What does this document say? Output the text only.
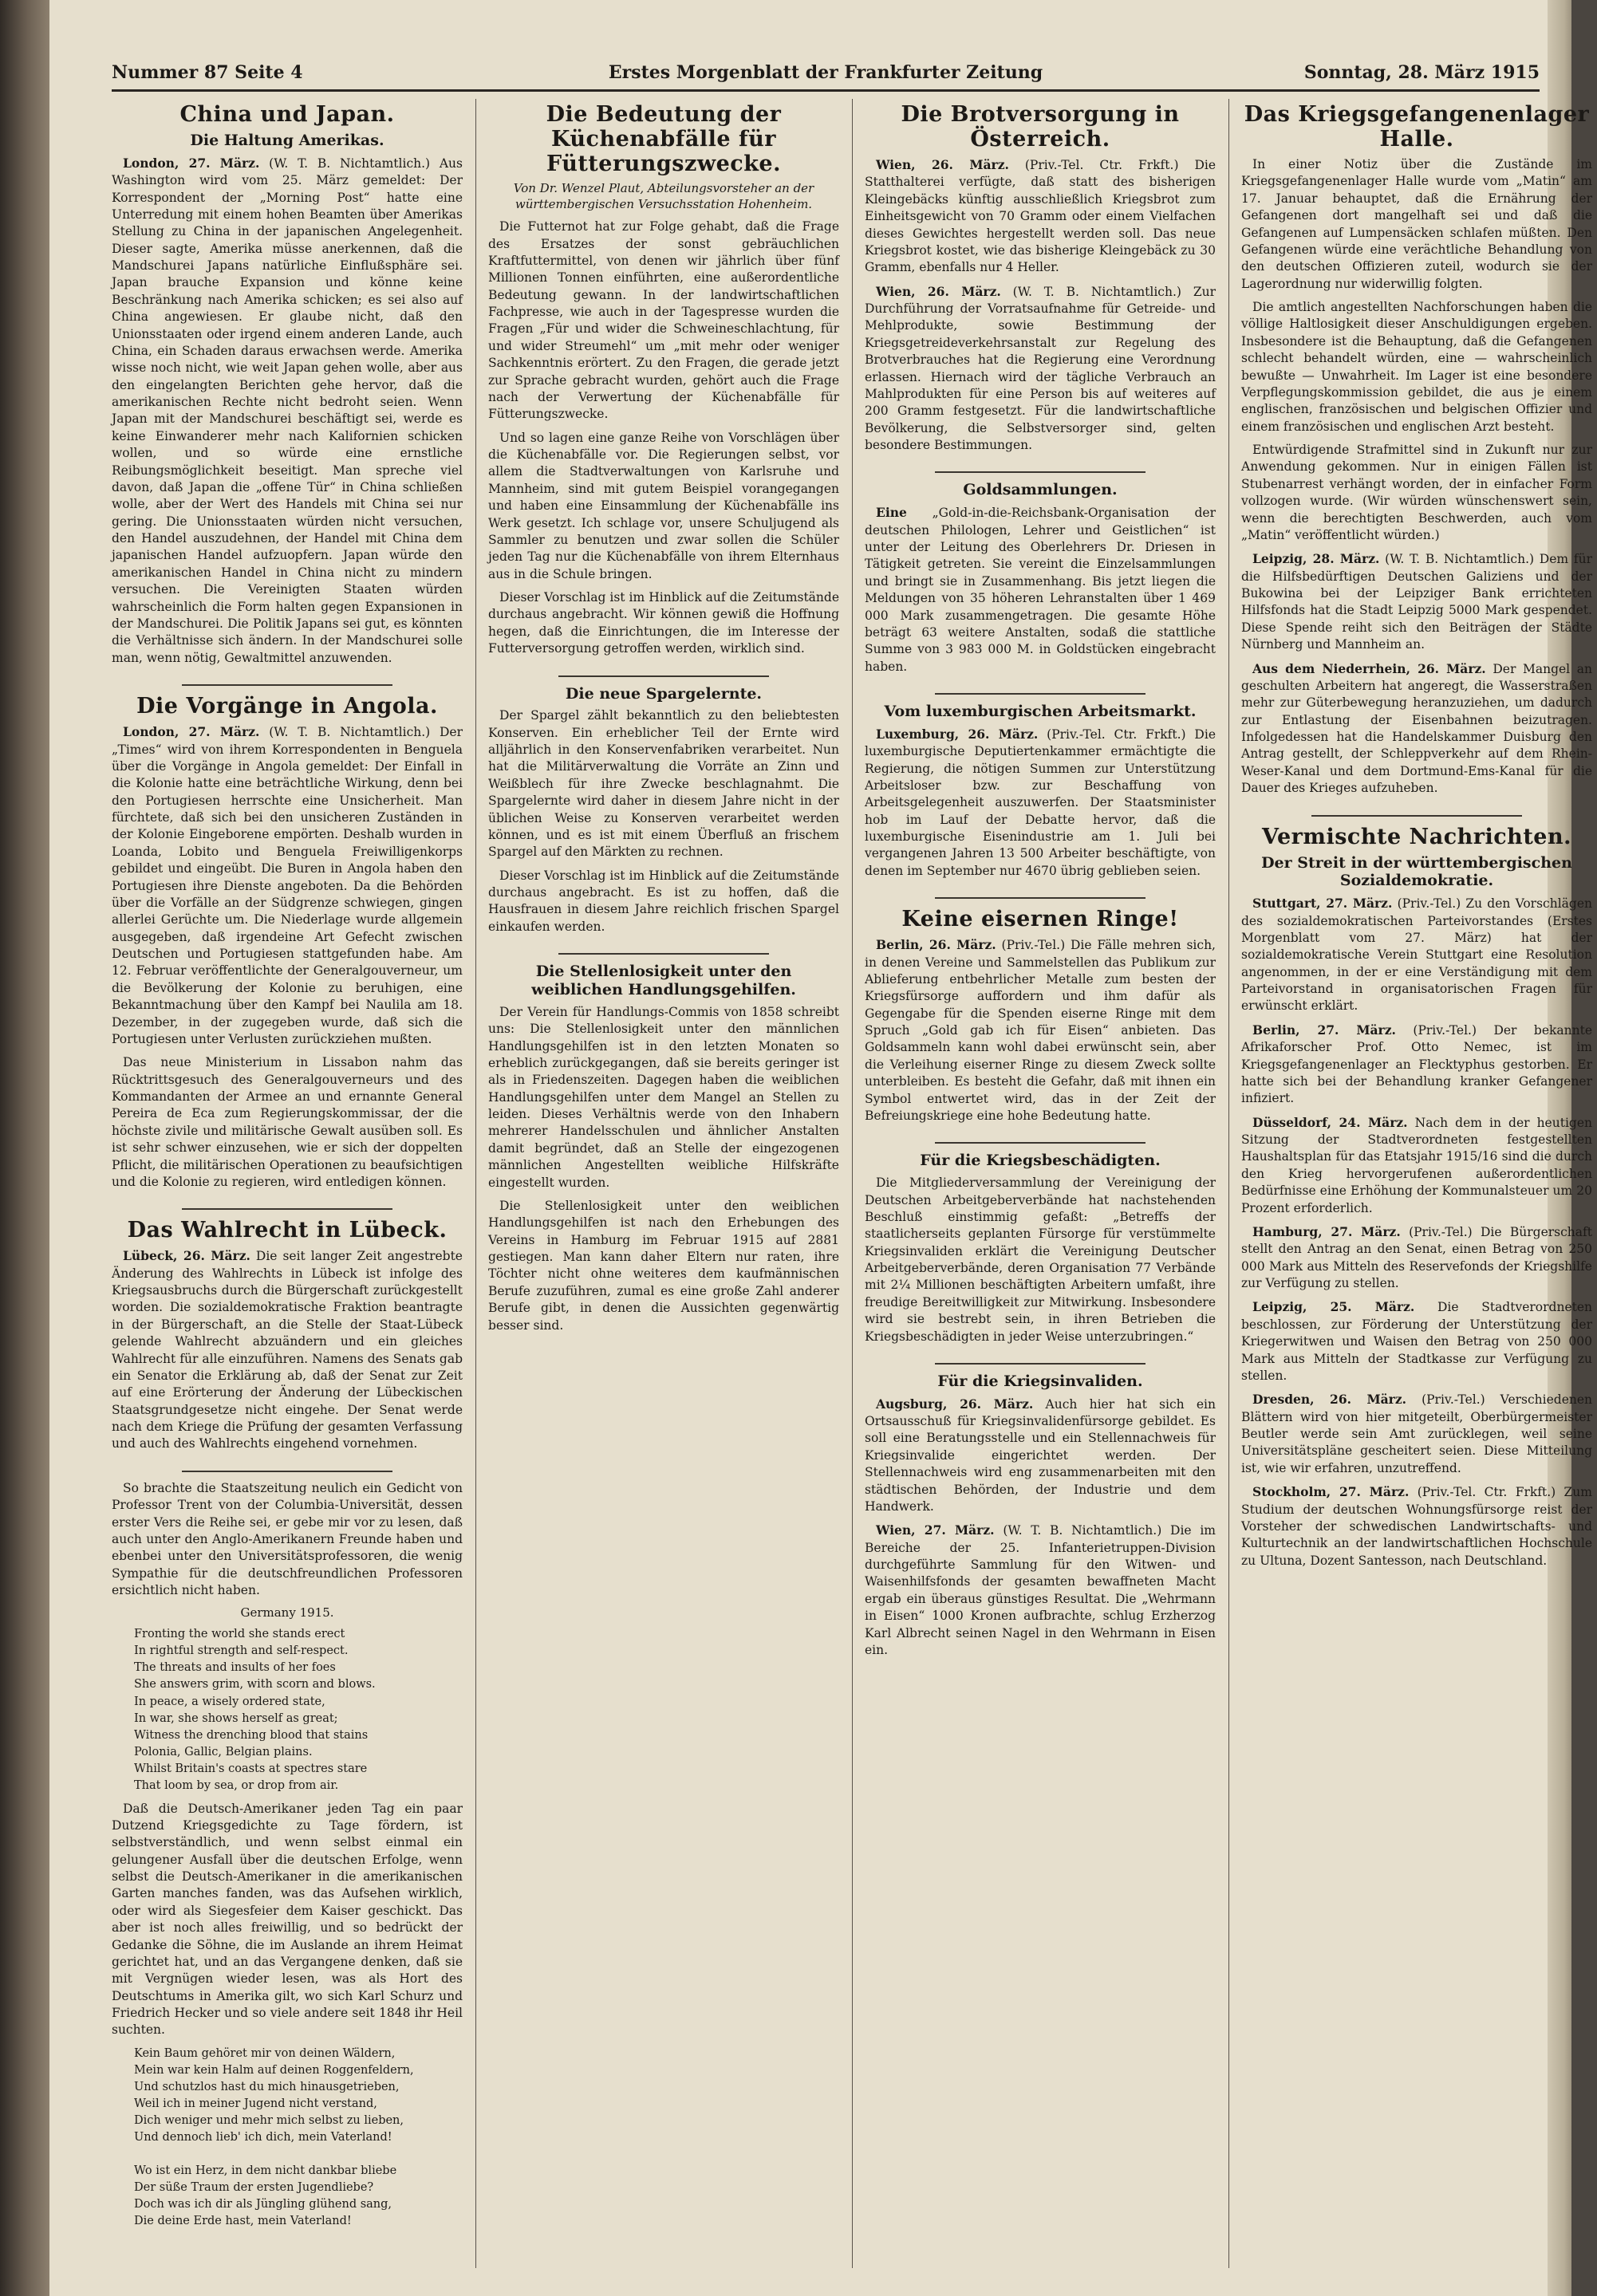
Nummer 87 Seite 4	Erstes Morgenblatt der Frankfurter Zeitung	Sonntag, 28. März 1915
China und Japan.
Die Haltung Amerikas.

London, 27. März. (W. T. B. Nichtamtlich.) Aus Washington wird vom 25. März gemeldet: Der Korrespondent der „Morning Post“ hatte eine Unterredung mit einem hohen Beamten über Amerikas Stellung zu China in der japanischen Angelegenheit. Dieser sagte, Amerika müsse anerkennen, daß die Mandschurei Japans natürliche Einflußsphäre sei. Japan brauche Expansion und könne keine Beschränkung nach Amerika schicken; es sei also auf China angewiesen. Er glaube nicht, daß den Unionsstaaten oder irgend einem anderen Lande, auch China, ein Schaden daraus erwachsen werde. Amerika wisse noch nicht, wie weit Japan gehen wolle, aber aus den eingelangten Berichten gehe hervor, daß die amerikanischen Rechte nicht bedroht seien. Wenn Japan mit der Mandschurei beschäftigt sei, werde es keine Einwanderer mehr nach Kalifornien schicken wollen, und so würde eine ernstliche Reibungsmöglichkeit beseitigt. Man spreche viel davon, daß Japan die „offene Tür“ in China schließen wolle, aber der Wert des Handels mit China sei nur gering. Die Unionsstaaten würden nicht versuchen, den Handel auszudehnen, der Handel mit China dem japanischen Handel aufzuopfern. Japan würde den amerikanischen Handel in China nicht zu mindern versuchen. Die Vereinigten Staaten würden wahrscheinlich die Form halten gegen Expansionen in der Mandschurei. Die Politik Japans sei gut, es könnten die Verhältnisse sich ändern. In der Mandschurei solle man, wenn nötig, Gewaltmittel anzuwenden.

Die Vorgänge in Angola.

London, 27. März. (W. T. B. Nichtamtlich.) Der „Times“ wird von ihrem Korrespondenten in Benguela über die Vorgänge in Angola gemeldet: Der Einfall in die Kolonie hatte eine beträchtliche Wirkung, denn bei den Portugiesen herrschte eine Unsicherheit. Man fürchtete, daß sich bei den unsicheren Zuständen in der Kolonie Eingeborene empörten. Deshalb wurden in Loanda, Lobito und Benguela Freiwilligenkorps gebildet und eingeübt. Die Buren in Angola haben den Portugiesen ihre Dienste angeboten. Da die Behörden über die Vorfälle an der Südgrenze schwiegen, gingen allerlei Gerüchte um. Die Niederlage wurde allgemein ausgegeben, daß irgendeine Art Gefecht zwischen Deutschen und Portugiesen stattgefunden habe. Am 12. Februar veröffentlichte der Generalgouverneur, um die Bevölkerung der Kolonie zu beruhigen, eine Bekanntmachung über den Kampf bei Naulila am 18. Dezember, in der zugegeben wurde, daß sich die Portugiesen unter Verlusten zurückziehen mußten.

Das neue Ministerium in Lissabon nahm das Rücktrittsgesuch des Generalgouverneurs und des Kommandanten der Armee an und ernannte General Pereira de Eca zum Regierungskommissar, der die höchste zivile und militärische Gewalt ausüben soll. Es ist sehr schwer einzusehen, wie er sich der doppelten Pflicht, die militärischen Operationen zu beaufsichtigen und die Kolonie zu regieren, wird entledigen können.

Das Wahlrecht in Lübeck.

Lübeck, 26. März. Die seit langer Zeit angestrebte Änderung des Wahlrechts in Lübeck ist infolge des Kriegsausbruchs durch die Bürgerschaft zurückgestellt worden. Die sozialdemokratische Fraktion beantragte in der Bürgerschaft, an die Stelle der Staat-Lübeck gelende Wahlrecht abzuändern und ein gleiches Wahlrecht für alle einzuführen. Namens des Senats gab ein Senator die Erklärung ab, daß der Senat zur Zeit auf eine Erörterung der Änderung der Lübeckischen Staatsgrundgesetze nicht eingehe. Der Senat werde nach dem Kriege die Prüfung der gesamten Verfassung und auch des Wahlrechts eingehend vornehmen.

So brachte die Staatszeitung neulich ein Gedicht von Professor Trent von der Columbia-Universität, dessen erster Vers die Reihe sei, er gebe mir vor zu lesen, daß auch unter den Anglo-Amerikanern Freunde haben und ebenbei unter den Universitätsprofessoren, die wenig Sympathie für die deutschfreundlichen Professoren ersichtlich nicht haben.

Germany 1915.
Fronting the world she stands erect
In rightful strength and self-respect.
The threats and insults of her foes
She answers grim, with scorn and blows.
In peace, a wisely ordered state,
In war, she shows herself as great;
Witness the drenching blood that stains
Polonia, Gallic, Belgian plains.
Whilst Britain's coasts at spectres stare
That loom by sea, or drop from air.

Daß die Deutsch-Amerikaner jeden Tag ein paar Dutzend Kriegsgedichte zu Tage fördern, ist selbstverständlich, und wenn selbst einmal ein gelungener Ausfall über die deutschen Erfolge, wenn selbst die Deutsch-Amerikaner in die amerikanischen Garten manches fanden, was das Aufsehen wirklich, oder wird als Siegesfeier dem Kaiser geschickt. Das aber ist noch alles freiwillig, und so bedrückt der Gedanke die Söhne, die im Auslande an ihrem Heimat gerichtet hat, und an das Vergangene denken, daß sie mit Vergnügen wieder lesen, was als Hort des Deutschtums in Amerika gilt, wo sich Karl Schurz und Friedrich Hecker und so viele andere seit 1848 ihr Heil suchten.

Kein Baum gehöret mir von deinen Wäldern,
Mein war kein Halm auf deinen Roggenfeldern,
Und schutzlos hast du mich hinausgetrieben,
Weil ich in meiner Jugend nicht verstand,
Dich weniger und mehr mich selbst zu lieben,
Und dennoch lieb' ich dich, mein Vaterland!

Wo ist ein Herz, in dem nicht dankbar bliebe
Der süße Traum der ersten Jugendliebe?
Doch was ich dir als Jüngling glühend sang,
Die deine Erde hast, mein Vaterland!
Die Bedeutung der Küchenabfälle für Fütterungszwecke.
Von Dr. Wenzel Plaut, Abteilungsvorsteher an der württembergischen Versuchsstation Hohenheim.

Die Futternot hat zur Folge gehabt, daß die Frage des Ersatzes der sonst gebräuchlichen Kraftfuttermittel, von denen wir jährlich über fünf Millionen Tonnen einführten, eine außerordentliche Bedeutung gewann. In der landwirtschaftlichen Fachpresse, wie auch in der Tagespresse wurden die Fragen „Für und wider die Schweineschlachtung, für und wider Streumehl“ um „mit mehr oder weniger Sachkenntnis erörtert. Zu den Fragen, die gerade jetzt zur Sprache gebracht wurden, gehört auch die Frage nach der Verwertung der Küchenabfälle für Fütterungszwecke.

Und so lagen eine ganze Reihe von Vorschlägen über die Küchenabfälle vor. Die Regierungen selbst, vor allem die Stadtverwaltungen von Karlsruhe und Mannheim, sind mit gutem Beispiel vorangegangen und haben eine Einsammlung der Küchenabfälle ins Werk gesetzt. Ich schlage vor, unsere Schuljugend als Sammler zu benutzen und zwar sollen die Schüler jeden Tag nur die Küchenabfälle von ihrem Elternhaus aus in die Schule bringen.

Dieser Vorschlag ist im Hinblick auf die Zeitumstände durchaus angebracht. Wir können gewiß die Hoffnung hegen, daß die Einrichtungen, die im Interesse der Futterversorgung getroffen werden, wirklich sind.

Die neue Spargelernte.

Der Spargel zählt bekanntlich zu den beliebtesten Konserven. Ein erheblicher Teil der Ernte wird alljährlich in den Konservenfabriken verarbeitet. Nun hat die Militärverwaltung die Vorräte an Zinn und Weißblech für ihre Zwecke beschlagnahmt. Die Spargelernte wird daher in diesem Jahre nicht in der üblichen Weise zu Konserven verarbeitet werden können, und es ist mit einem Überfluß an frischem Spargel auf den Märkten zu rechnen.

Dieser Vorschlag ist im Hinblick auf die Zeitumstände durchaus angebracht. Es ist zu hoffen, daß die Hausfrauen in diesem Jahre reichlich frischen Spargel einkaufen werden.

Die Stellenlosigkeit unter den weiblichen Handlungsgehilfen.

Der Verein für Handlungs-Commis von 1858 schreibt uns: Die Stellenlosigkeit unter den männlichen Handlungsgehilfen ist in den letzten Monaten so erheblich zurückgegangen, daß sie bereits geringer ist als in Friedenszeiten. Dagegen haben die weiblichen Handlungsgehilfen unter dem Mangel an Stellen zu leiden. Dieses Verhältnis werde von den Inhabern mehrerer Handelsschulen und ähnlicher Anstalten damit begründet, daß an Stelle der eingezogenen männlichen Angestellten weibliche Hilfskräfte eingestellt wurden.

Die Stellenlosigkeit unter den weiblichen Handlungsgehilfen ist nach den Erhebungen des Vereins in Hamburg im Februar 1915 auf 2881 gestiegen. Man kann daher Eltern nur raten, ihre Töchter nicht ohne weiteres dem kaufmännischen Berufe zuzuführen, zumal es eine große Zahl anderer Berufe gibt, in denen die Aussichten gegenwärtig besser sind.

Die Brotversorgung in Österreich.

Wien, 26. März. (Priv.-Tel. Ctr. Frkft.) Die Statthalterei verfügte, daß statt des bisherigen Kleingebäcks künftig ausschließlich Kriegsbrot zum Einheitsgewicht von 70 Gramm oder einem Vielfachen dieses Gewichtes hergestellt werden soll. Das neue Kriegsbrot kostet, wie das bisherige Kleingebäck zu 30 Gramm, ebenfalls nur 4 Heller.

Wien, 26. März. (W. T. B. Nichtamtlich.) Zur Durchführung der Vorratsaufnahme für Getreide- und Mehlprodukte, sowie Bestimmung der Kriegsgetreideverkehrsanstalt zur Regelung des Brotverbrauches hat die Regierung eine Verordnung erlassen. Hiernach wird der tägliche Verbrauch an Mahlprodukten für eine Person bis auf weiteres auf 200 Gramm festgesetzt. Für die landwirtschaftliche Bevölkerung, die Selbstversorger sind, gelten besondere Bestimmungen.

Goldsammlungen.

Eine „Gold-in-die-Reichsbank-Organisation der deutschen Philologen, Lehrer und Geistlichen“ ist unter der Leitung des Oberlehrers Dr. Driesen in Tätigkeit getreten. Sie vereint die Einzelsammlungen und bringt sie in Zusammenhang. Bis jetzt liegen die Meldungen von 35 höheren Lehranstalten über 1 469 000 Mark zusammengetragen. Die gesamte Höhe beträgt 63 weitere Anstalten, sodaß die stattliche Summe von 3 983 000 M. in Goldstücken eingebracht haben.

Vom luxemburgischen Arbeitsmarkt.

Luxemburg, 26. März. (Priv.-Tel. Ctr. Frkft.) Die luxemburgische Deputiertenkammer ermächtigte die Regierung, die nötigen Summen zur Unterstützung Arbeitsloser bzw. zur Beschaffung von Arbeitsgelegenheit auszuwerfen. Der Staatsminister hob im Lauf der Debatte hervor, daß die luxemburgische Eisenindustrie am 1. Juli bei vergangenen Jahren 13 500 Arbeiter beschäftigte, von denen im September nur 4670 übrig geblieben seien.

Keine eisernen Ringe!

Berlin, 26. März. (Priv.-Tel.) Die Fälle mehren sich, in denen Vereine und Sammelstellen das Publikum zur Ablieferung entbehrlicher Metalle zum besten der Kriegsfürsorge auffordern und ihm dafür als Gegengabe für die Spenden eiserne Ringe mit dem Spruch „Gold gab ich für Eisen“ anbieten. Das Goldsammeln kann wohl dabei erwünscht sein, aber die Verleihung eiserner Ringe zu diesem Zweck sollte unterbleiben. Es besteht die Gefahr, daß mit ihnen ein Symbol entwertet wird, das in der Zeit der Befreiungskriege eine hohe Bedeutung hatte.

Für die Kriegsbeschädigten.

Die Mitgliederversammlung der Vereinigung der Deutschen Arbeitgeberverbände hat nachstehenden Beschluß einstimmig gefaßt: „Betreffs der staatlicherseits geplanten Fürsorge für verstümmelte Kriegsinvaliden erklärt die Vereinigung Deutscher Arbeitgeberverbände, deren Organisation 77 Verbände mit 2¼ Millionen beschäftigten Arbeitern umfaßt, ihre freudige Bereitwilligkeit zur Mitwirkung. Insbesondere wird sie bestrebt sein, in ihren Betrieben die Kriegsbeschädigten in jeder Weise unterzubringen.“

Für die Kriegsinvaliden.

Augsburg, 26. März. Auch hier hat sich ein Ortsausschuß für Kriegsinvalidenfürsorge gebildet. Es soll eine Beratungsstelle und ein Stellennachweis für Kriegsinvalide eingerichtet werden. Der Stellennachweis wird eng zusammenarbeiten mit den städtischen Behörden, der Industrie und dem Handwerk.

Wien, 27. März. (W. T. B. Nichtamtlich.) Die im Bereiche der 25. Infanterietruppen-Division durchgeführte Sammlung für den Witwen- und Waisenhilfsfonds der gesamten bewaffneten Macht ergab ein überaus günstiges Resultat. Die „Wehrmann in Eisen“ 1000 Kronen aufbrachte, schlug Erzherzog Karl Albrecht seinen Nagel in den Wehrmann in Eisen ein.

Das Kriegsgefangenenlager Halle.

In einer Notiz über die Zustände im Kriegsgefangenenlager Halle wurde vom „Matin“ am 17. Januar behauptet, daß die Ernährung der Gefangenen dort mangelhaft sei und daß die Gefangenen auf Lumpensäcken schlafen müßten. Den Gefangenen würde eine verächtliche Behandlung von den deutschen Offizieren zuteil, wodurch sie der Lagerordnung nur widerwillig folgten.

Die amtlich angestellten Nachforschungen haben die völlige Haltlosigkeit dieser Anschuldigungen ergeben. Insbesondere ist die Behauptung, daß die Gefangenen schlecht behandelt würden, eine — wahrscheinlich bewußte — Unwahrheit. Im Lager ist eine besondere Verpflegungskommission gebildet, die aus je einem englischen, französischen und belgischen Offizier und einem französischen und englischen Arzt besteht.

Entwürdigende Strafmittel sind in Zukunft nur zur Anwendung gekommen. Nur in einigen Fällen ist Stubenarrest verhängt worden, der in einfacher Form vollzogen wurde. (Wir würden wünschenswert sein, wenn die berechtigten Beschwerden, auch vom „Matin“ veröffentlicht würden.)

Leipzig, 28. März. (W. T. B. Nichtamtlich.) Dem für die Hilfsbedürftigen Deutschen Galiziens und der Bukowina bei der Leipziger Bank errichteten Hilfsfonds hat die Stadt Leipzig 5000 Mark gespendet. Diese Spende reiht sich den Beiträgen der Städte Nürnberg und Mannheim an.

Aus dem Niederrhein, 26. März. Der Mangel an geschulten Arbeitern hat angeregt, die Wasserstraßen mehr zur Güterbewegung heranzuziehen, um dadurch zur Entlastung der Eisenbahnen beizutragen. Infolgedessen hat die Handelskammer Duisburg den Antrag gestellt, der Schleppverkehr auf dem Rhein-Weser-Kanal und dem Dortmund-Ems-Kanal für die Dauer des Krieges aufzuheben.

Vermischte Nachrichten.
Der Streit in der württembergischen Sozialdemokratie.

Stuttgart, 27. März. (Priv.-Tel.) Zu den Vorschlägen des sozialdemokratischen Parteivorstandes (Erstes Morgenblatt vom 27. März) hat der sozialdemokratische Verein Stuttgart eine Resolution angenommen, in der er eine Verständigung mit dem Parteivorstand in organisatorischen Fragen für erwünscht erklärt.

Berlin, 27. März. (Priv.-Tel.) Der bekannte Afrikaforscher Prof. Otto Nemec, ist im Kriegsgefangenenlager an Flecktyphus gestorben. Er hatte sich bei der Behandlung kranker Gefangener infiziert.

Düsseldorf, 24. März. Nach dem in der heutigen Sitzung der Stadtverordneten festgestellten Haushaltsplan für das Etatsjahr 1915/16 sind die durch den Krieg hervorgerufenen außerordentlichen Bedürfnisse eine Erhöhung der Kommunalsteuer um 20 Prozent erforderlich.

Hamburg, 27. März. (Priv.-Tel.) Die Bürgerschaft stellt den Antrag an den Senat, einen Betrag von 250 000 Mark aus Mitteln des Reservefonds der Kriegshilfe zur Verfügung zu stellen.

Leipzig, 25. März. Die Stadtverordneten beschlossen, zur Förderung der Unterstützung der Kriegerwitwen und Waisen den Betrag von 250 000 Mark aus Mitteln der Stadtkasse zur Verfügung zu stellen.

Dresden, 26. März. (Priv.-Tel.) Verschiedenen Blättern wird von hier mitgeteilt, Oberbürgermeister Beutler werde sein Amt zurücklegen, weil seine Universitätspläne gescheitert seien. Diese Mitteilung ist, wie wir erfahren, unzutreffend.

Stockholm, 27. März. (Priv.-Tel. Ctr. Frkft.) Zum Studium der deutschen Wohnungsfürsorge reist der Vorsteher der schwedischen Landwirtschafts- und Kulturtechnik an der landwirtschaftlichen Hochschule zu Ultuna, Dozent Santesson, nach Deutschland.
